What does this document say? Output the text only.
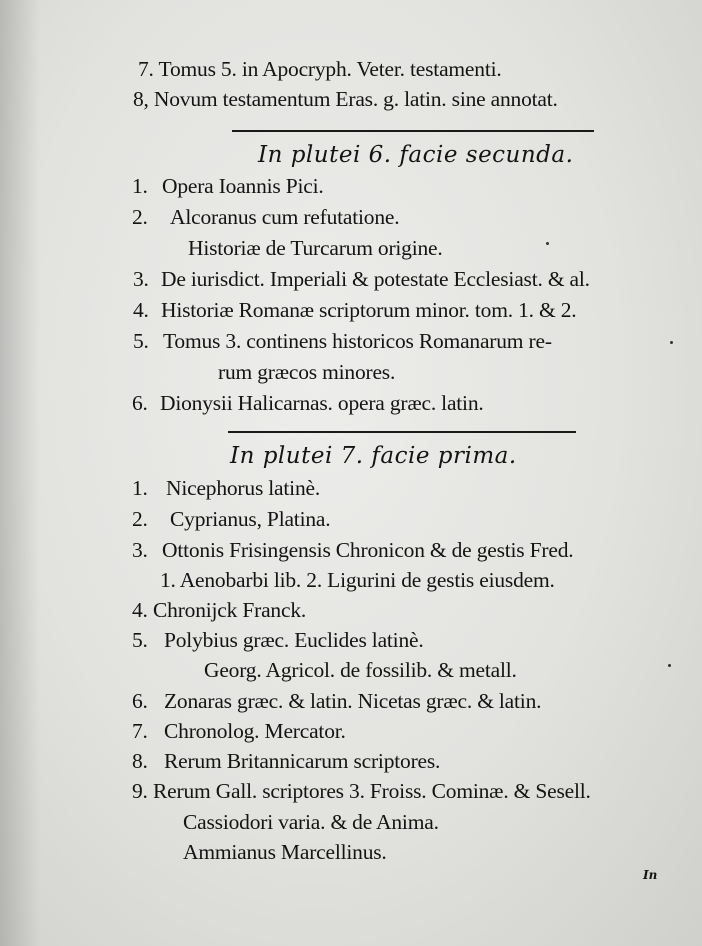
7. Tomus 5. in Apocryph. Veter. testamenti.
8, Novum testamentum Eras. g. latin. sine annotat.
In plutei 6. facie secunda.
1. Opera Ioannis Pici.
2. Alcoranus cum refutatione.
Historiæ de Turcarum origine.
3. De iurisdict. Imperiali & potestate Ecclesiast. & al.
4. Historiæ Romanæ scriptorum minor. tom. 1. & 2.
5. Tomus 3. continens historicos Romanarum re-
rum græcos minores.
6. Dionysii Halicarnas. opera græc. latin.
In plutei 7. facie prima.
1. Nicephorus latinè.
2. Cyprianus, Platina.
3. Ottonis Frisingensis Chronicon & de gestis Fred.
1. Aenobarbi lib. 2. Ligurini de gestis eiusdem.
4. Chronijck Franck.
5. Polybius græc. Euclides latinè.
Georg. Agricol. de fossilib. & metall.
6. Zonaras græc. & latin. Nicetas græc. & latin.
7. Chronolog. Mercator.
8. Rerum Britannicarum scriptores.
9. Rerum Gall. scriptores 3. Froiss. Cominæ. & Sesell.
Cassiodori varia. & de Anima.
Ammianus Marcellinus.
In
